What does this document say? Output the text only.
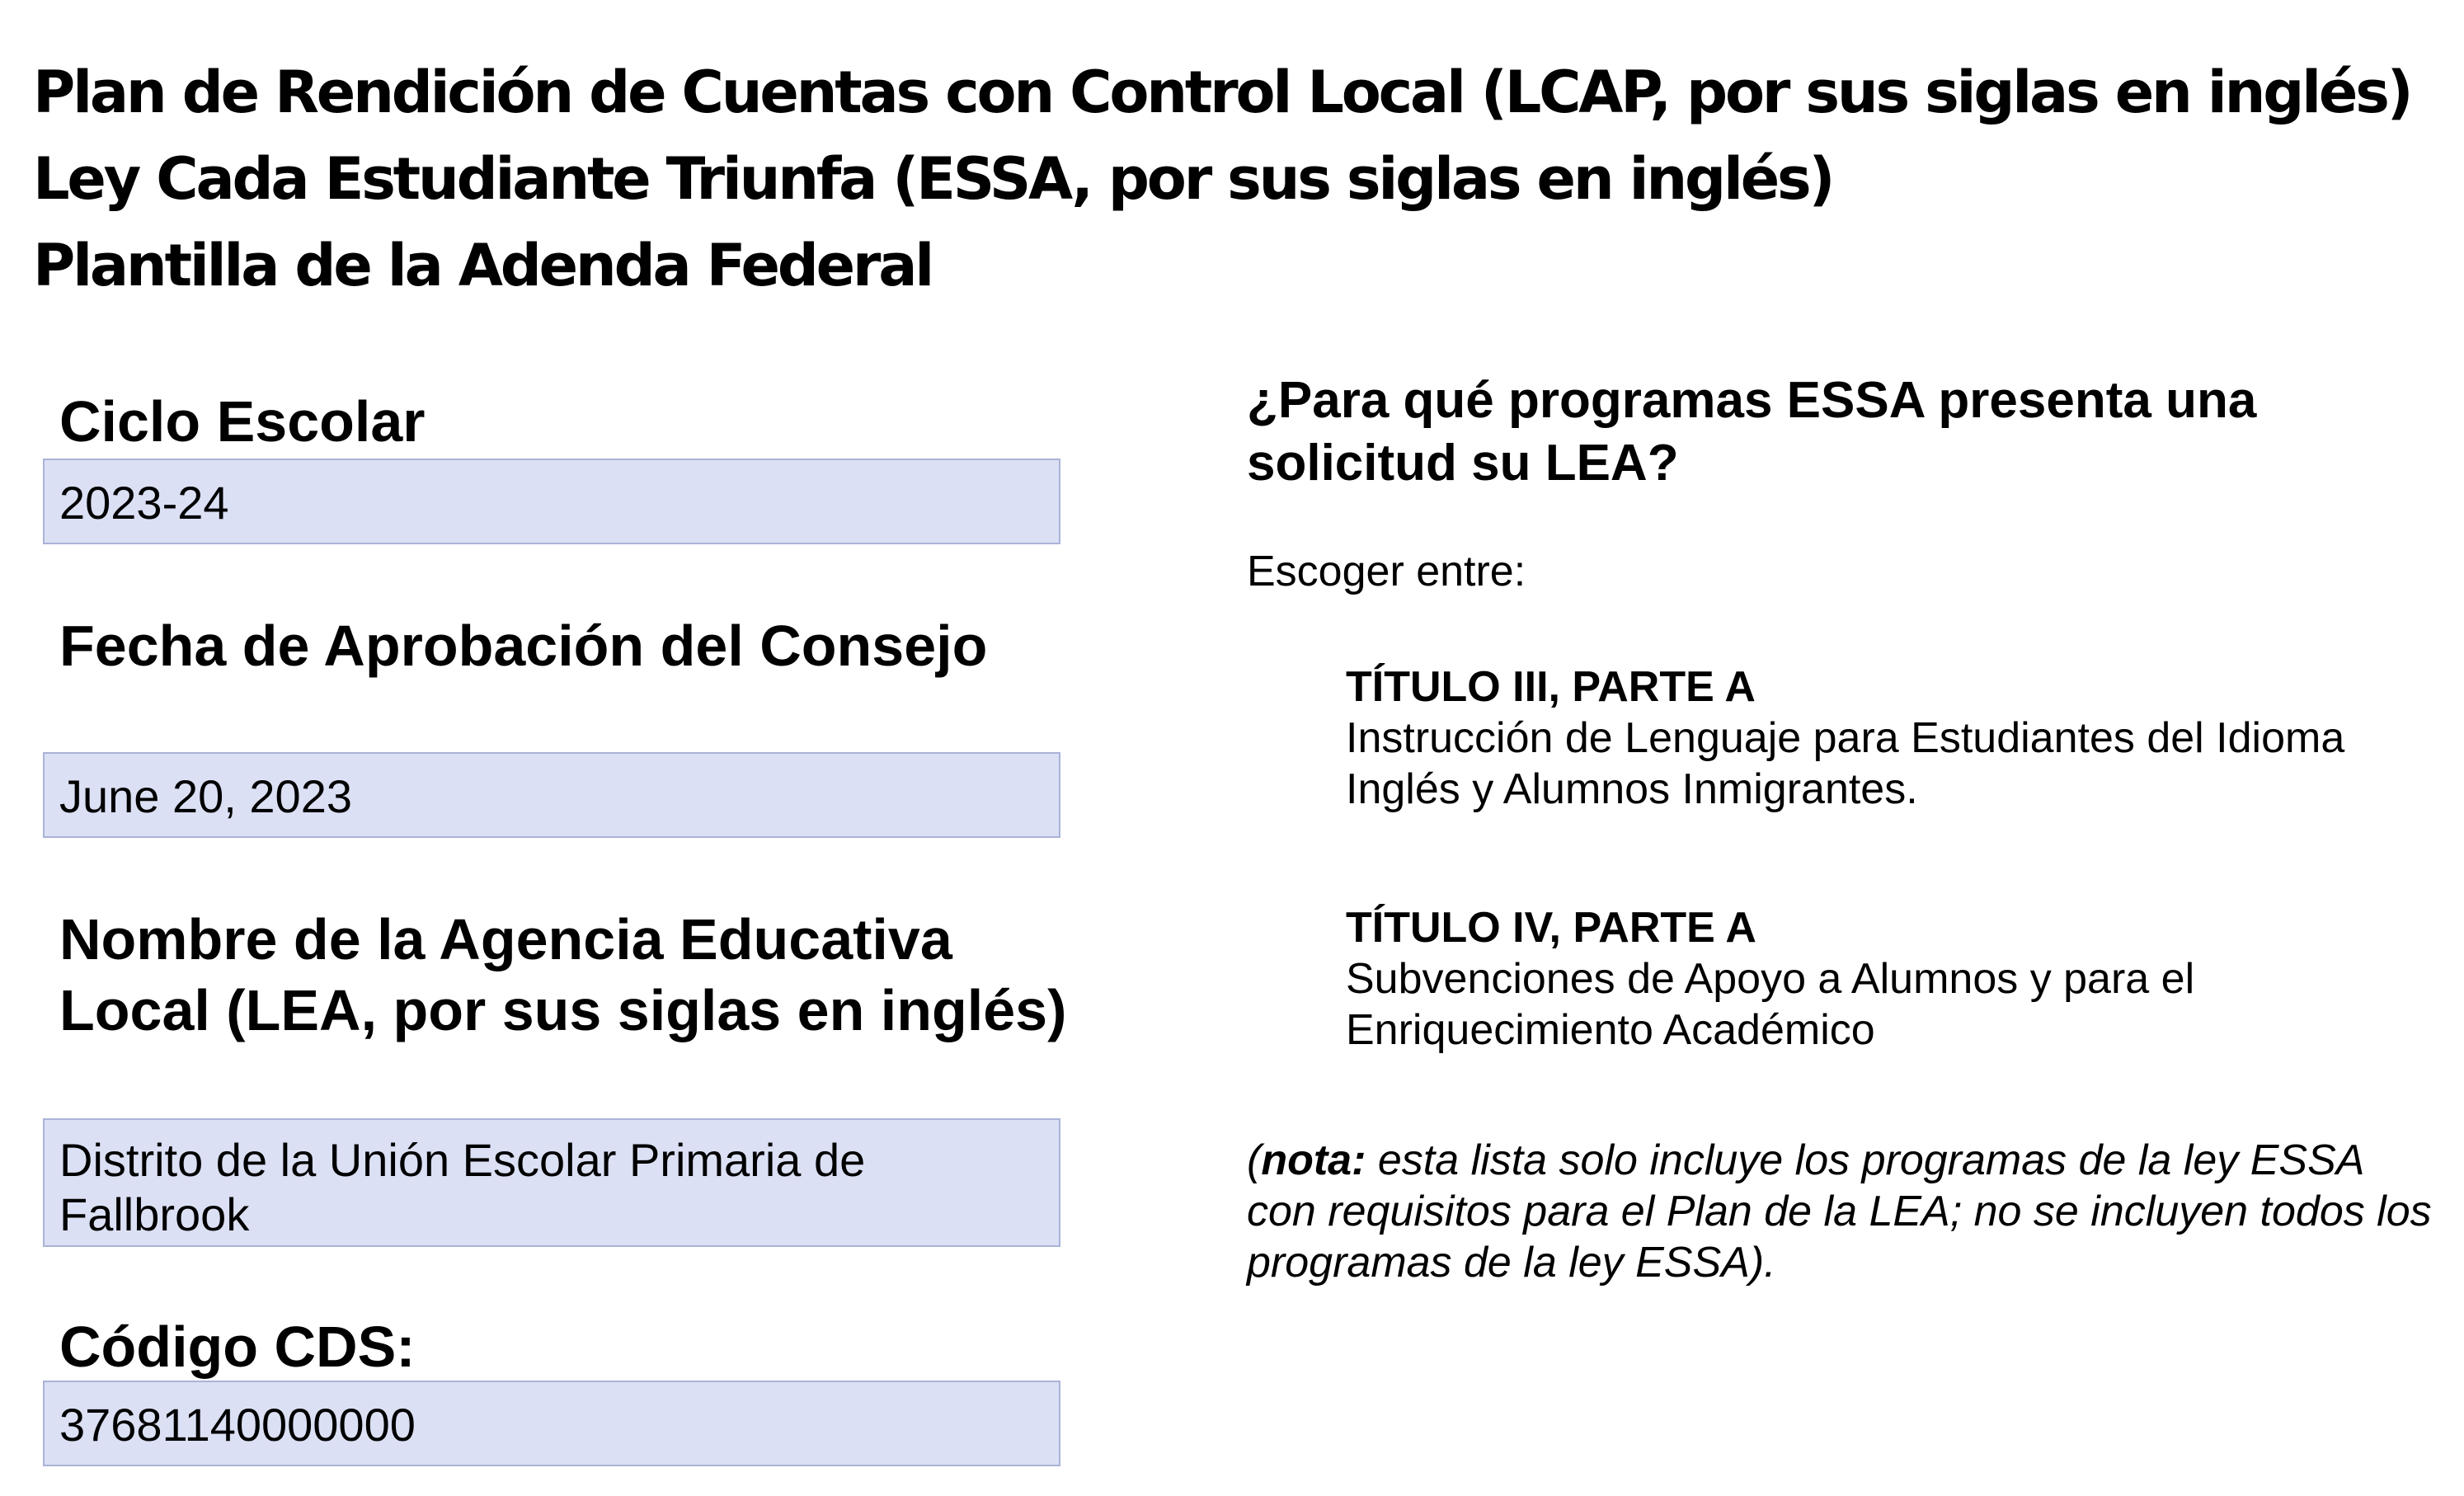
Plan de Rendición de Cuentas con Control Local (LCAP, por sus siglas en inglés)
Ley Cada Estudiante Triunfa (ESSA, por sus siglas en inglés)
Plantilla de la Adenda Federal
Ciclo Escolar
2023-24
Fecha de Aprobación del Consejo
June 20, 2023
Nombre de la Agencia Educativa Local (LEA, por sus siglas en inglés)
Distrito de la Unión Escolar Primaria de Fallbrook
Código CDS:
37681140000000
¿Para qué programas ESSA presenta una solicitud su LEA?
Escoger entre:
TÍTULO III, PARTE A
Instrucción de Lenguaje para Estudiantes del Idioma Inglés y Alumnos Inmigrantes.
TÍTULO IV, PARTE A
Subvenciones de Apoyo a Alumnos y para el Enriquecimiento Académico
(nota: esta lista solo incluye los programas de la ley ESSA con requisitos para el Plan de la LEA; no se incluyen todos los programas de la ley ESSA).
